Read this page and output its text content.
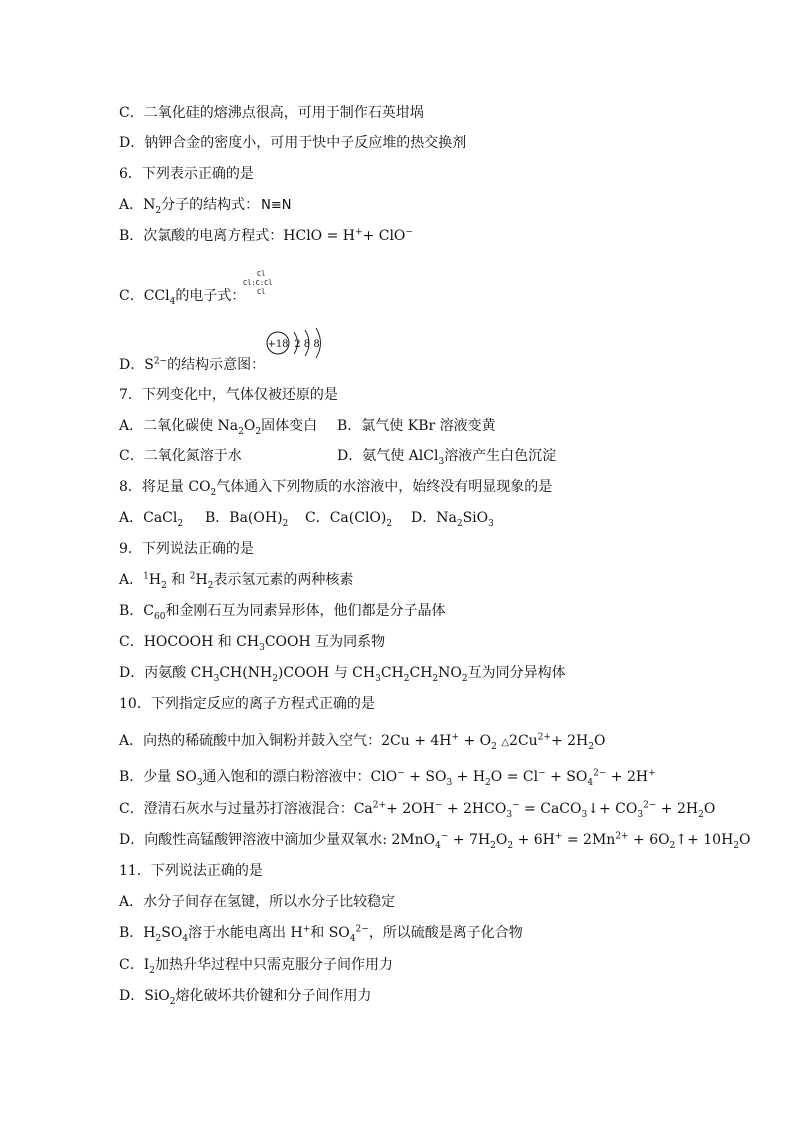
C．二氧化硅的熔沸点很高，可用于制作石英坩埚
D．钠钾合金的密度小，可用于快中子反应堆的热交换剂
6．下列表示正确的是
A．$N_2$分子的结构式： N≡N
B．次氯酸的电离方程式：HClO = H++ ClO−
C．CCl$_4$的电子式：
Cl
Cl:C:Cl
Cl
D．$S^{2-}$的结构示意图：
+18 2 8 8
7．下列变化中，气体仅被还原的是
A．二氧化碳使 $Na_2O_2$固体变白 B．氯气使 KBr 溶液变黄
C．二氧化氮溶于水	D．氨气使 AlCl$_3$溶液产生白色沉淀
8．将足量 $CO_2$气体通入下列物质的水溶液中，始终没有明显现象的是
A．CaCl$_2$ B．$Ba(OH)_2$ C．$Ca(ClO)_2$ D．$Na_2SiO_3$
9．下列说法正确的是
A．$^1H_2$ 和 $^2H_2$表示氢元素的两种核素
B．$C_{60}$和金刚石互为同素异形体，他们都是分子晶体
C．HOCOOH 和 $CH_3COOH$ 互为同系物
D．丙氨酸 $CH_3CH(NH_2)COOH$ 与 $CH_3CH_2CH_2NO_2$互为同分异构体
10．下列指定反应的离子方程式正确的是
A．向热的稀硫酸中加入铜粉并鼓入空气：$2Cu + 4H^+ + O_2$ $\triangle 2Cu^{2+}+ 2H_2O$
B．少量 $SO_3$通入饱和的漂白粉溶液中：$ClO^- + SO_3 + H_2O = Cl^- + SO_4^{2-} + 2H^+$
C．澄清石灰水与过量苏打溶液混合：$Ca^{2+}+ 2OH^- + 2HCO_3^-$ = CaCO$_3$↓+ $CO_3^{2-} + 2H_2O$
D．向酸性高锰酸钾溶液中滴加少量双氧水: $2MnO_4^- + 7H_2O_2 + 6H^+ = 2Mn^{2+}$ + $6O_2↑+ 10H_2O$
11．下列说法正确的是
A．水分子间存在氢键，所以水分子比较稳定
B．$H_2SO_4$溶于水能电离出 H+和 $SO_4^{2-}$，所以硫酸是离子化合物
C．$I_2$加热升华过程中只需克服分子间作用力
D．SiO$_2$熔化破坏共价键和分子间作用力
